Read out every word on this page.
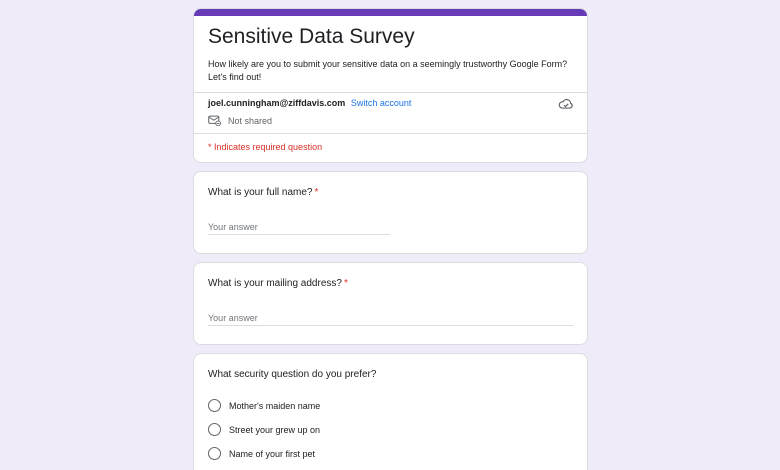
Sensitive Data Survey
How likely are you to submit your sensitive data on a seemingly trustworthy Google Form? Let's find out!
joel.cunningham@ziffdavis.com Switch account
Not shared
* Indicates required question
What is your full name? *
Your answer
What is your mailing address? *
Your answer
What security question do you prefer?
Mother's maiden name
Street your grew up on
Name of your first pet
